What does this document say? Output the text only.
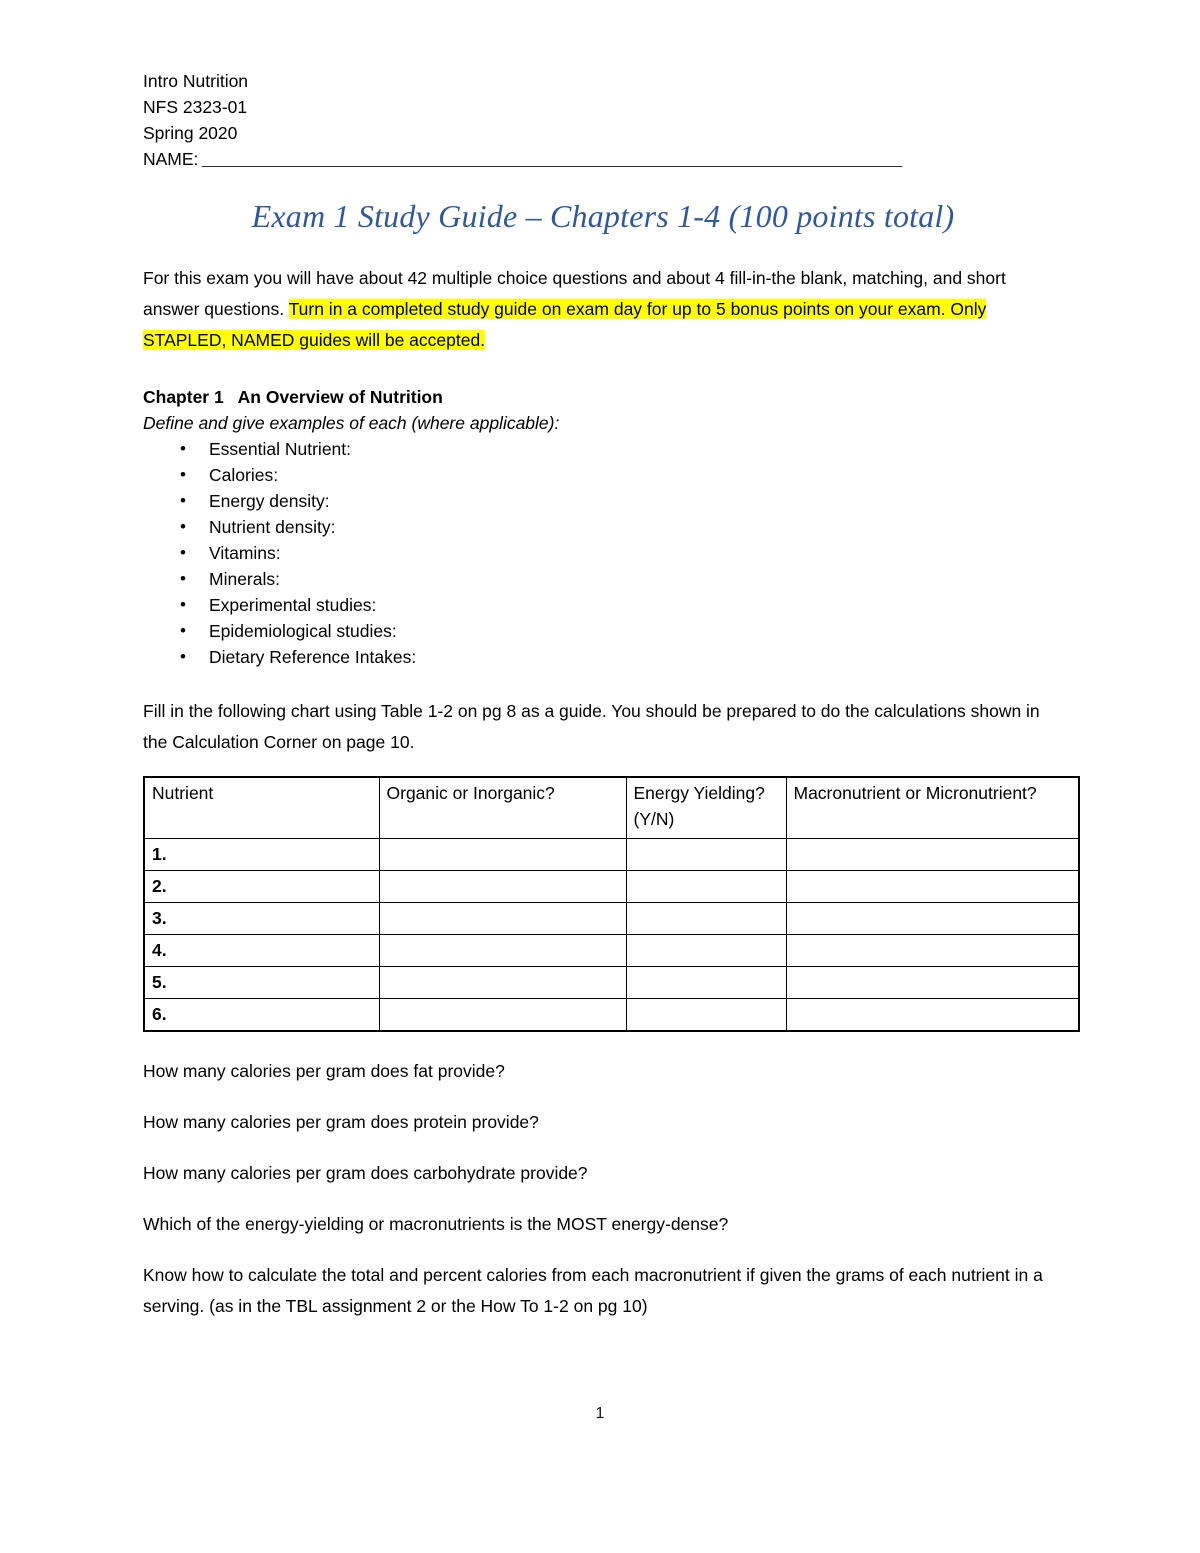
Intro Nutrition
NFS 2323-01
Spring 2020
NAME:
Exam 1 Study Guide – Chapters 1-4 (100 points total)

For this exam you will have about 42 multiple choice questions and about 4 fill-in-the blank, matching, and short answer questions. Turn in a completed study guide on exam day for up to 5 bonus points on your exam. Only STAPLED, NAMED guides will be accepted.

Chapter 1   An Overview of Nutrition
Define and give examples of each (where applicable):
• Essential Nutrient:
• Calories:
• Energy density:
• Nutrient density:
• Vitamins:
• Minerals:
• Experimental studies:
• Epidemiological studies:
• Dietary Reference Intakes:

Fill in the following chart using Table 1-2 on pg 8 as a guide. You should be prepared to do the calculations shown in the Calculation Corner on page 10.

Nutrient	Organic or Inorganic?	Energy Yielding? (Y/N)	Macronutrient or Micronutrient?
1.			
2.			
3.			
4.			
5.			
6.			

How many calories per gram does fat provide?

How many calories per gram does protein provide?

How many calories per gram does carbohydrate provide?

Which of the energy-yielding or macronutrients is the MOST energy-dense?

Know how to calculate the total and percent calories from each macronutrient if given the grams of each nutrient in a serving. (as in the TBL assignment 2 or the How To 1-2 on pg 10)

1
